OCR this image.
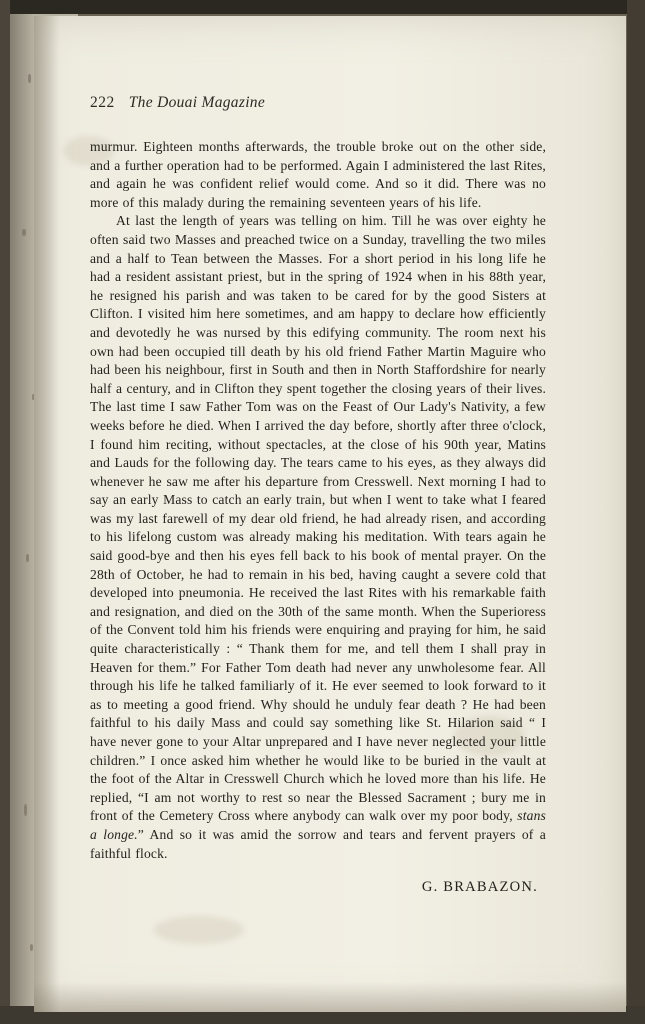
222 The Douai Magazine

murmur. Eighteen months afterwards, the trouble broke out on the other side, and a further operation had to be performed. Again I administered the last Rites, and again he was confident relief would come. And so it did. There was no more of this malady during the remaining seventeen years of his life.

At last the length of years was telling on him. Till he was over eighty he often said two Masses and preached twice on a Sunday, travelling the two miles and a half to Tean between the Masses. For a short period in his long life he had a resident assistant priest, but in the spring of 1924 when in his 88th year, he resigned his parish and was taken to be cared for by the good Sisters at Clifton. I visited him here sometimes, and am happy to declare how efficiently and devotedly he was nursed by this edifying community. The room next his own had been occupied till death by his old friend Father Martin Maguire who had been his neighbour, first in South and then in North Staffordshire for nearly half a century, and in Clifton they spent together the closing years of their lives. The last time I saw Father Tom was on the Feast of Our Lady's Nativity, a few weeks before he died. When I arrived the day before, shortly after three o'clock, I found him reciting, without spectacles, at the close of his 90th year, Matins and Lauds for the following day. The tears came to his eyes, as they always did whenever he saw me after his departure from Cresswell. Next morning I had to say an early Mass to catch an early train, but when I went to take what I feared was my last farewell of my dear old friend, he had already risen, and according to his lifelong custom was already making his meditation. With tears again he said good-bye and then his eyes fell back to his book of mental prayer. On the 28th of October, he had to remain in his bed, having caught a severe cold that developed into pneumonia. He received the last Rites with his remarkable faith and resignation, and died on the 30th of the same month. When the Superioress of the Convent told him his friends were enquiring and praying for him, he said quite characteristically : “ Thank them for me, and tell them I shall pray in Heaven for them.” For Father Tom death had never any unwholesome fear. All through his life he talked familiarly of it. He ever seemed to look forward to it as to meeting a good friend. Why should he unduly fear death ? He had been faithful to his daily Mass and could say something like St. Hilarion said “ I have never gone to your Altar unprepared and I have never neglected your little children.” I once asked him whether he would like to be buried in the vault at the foot of the Altar in Cresswell Church which he loved more than his life. He replied, “I am not worthy to rest so near the Blessed Sacrament ; bury me in front of the Cemetery Cross where anybody can walk over my poor body, stans a longe.” And so it was amid the sorrow and tears and fervent prayers of a faithful flock.

G. BRABAZON.
